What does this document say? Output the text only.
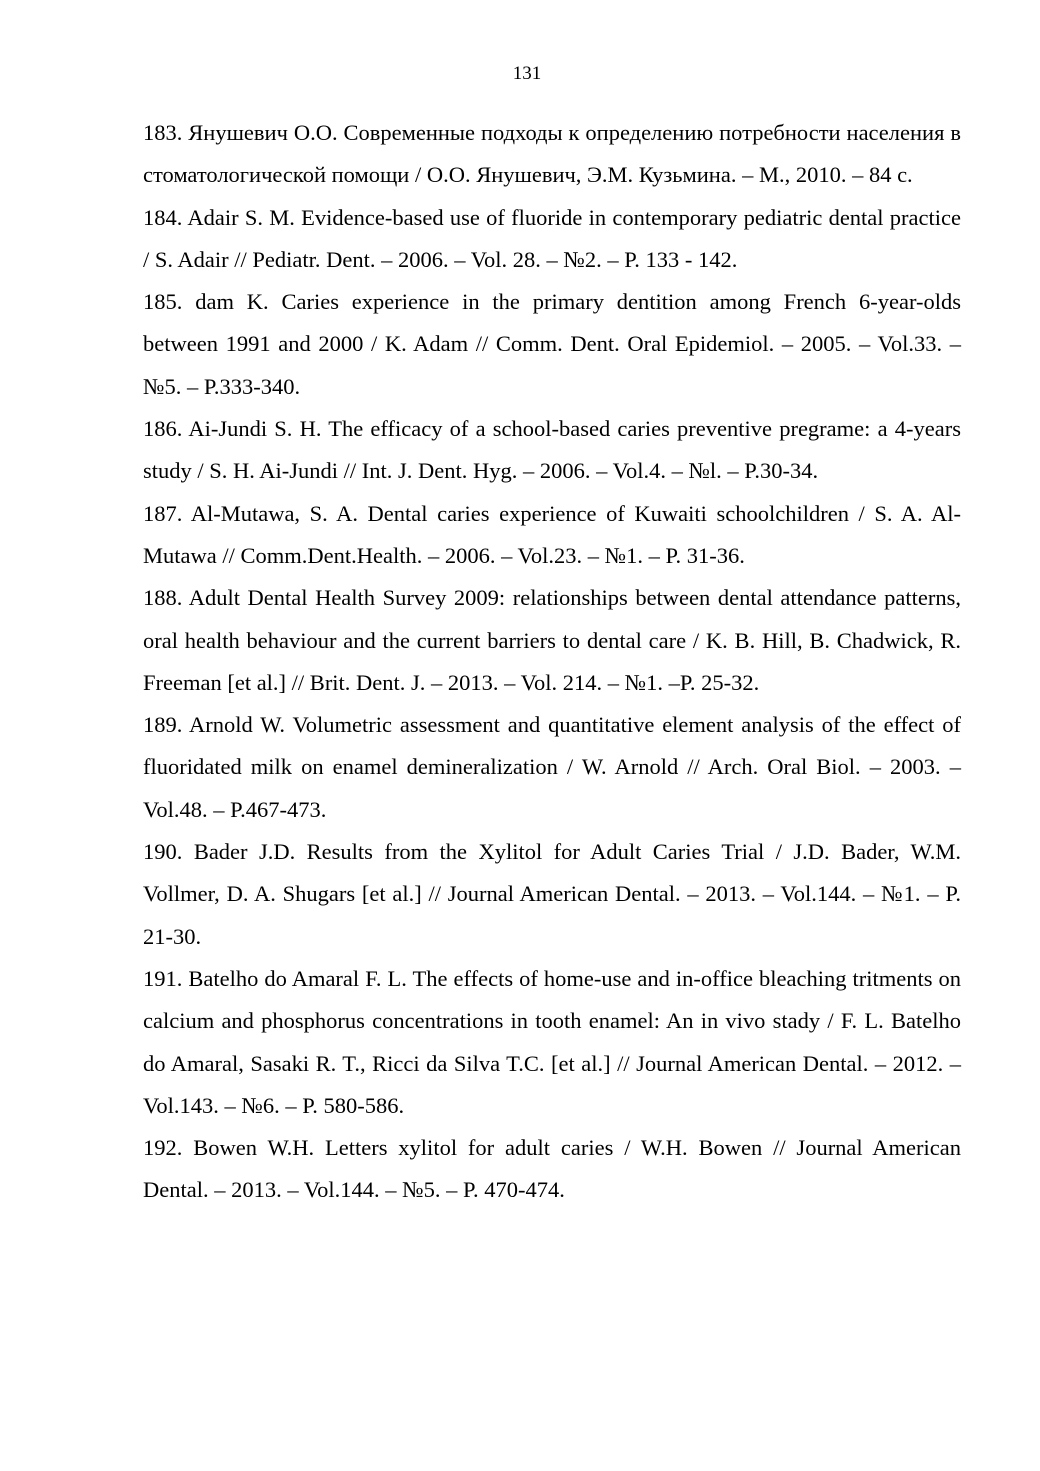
131
183. Янушевич О.О. Современные подходы к определению потребности населения в стоматологической помощи / О.О. Янушевич, Э.М. Кузьмина. – М., 2010. – 84 с.
184. Adair S. M. Evidence-based use of fluoride in contemporary pediatric dental practice / S. Adair // Pediatr. Dent. – 2006. – Vol. 28. – №2. – P. 133 - 142.
185. dam K. Caries experience in the primary dentition among French 6-year-olds between 1991 and 2000 / K. Adam // Comm. Dent. Oral Epidemiol. – 2005. – Vol.33. – №5. – P.333-340.
186. Ai-Jundi S. H. The efficacy of a school-based caries preventive pregrame: a 4-years study / S. H. Ai-Jundi // Int. J. Dent. Hyg. – 2006. – Vol.4. – №l. – P.30-34.
187. Al-Mutawa, S. A. Dental caries experience of Kuwaiti schoolchildren / S. A. Al-Mutawa // Comm.Dent.Health. – 2006. – Vol.23. – №1. – P. 31-36.
188. Adult Dental Health Survey 2009: relationships between dental attendance patterns, oral health behaviour and the current barriers to dental care / K. B. Hill, B. Chadwick, R. Freeman [et al.] // Brit. Dent. J. – 2013. – Vol. 214. – №1. –P. 25-32.
189. Arnold W. Volumetric assessment and quantitative element analysis of the effect of fluoridated milk on enamel demineralization / W. Arnold // Arch. Oral Biol. – 2003. – Vol.48. – P.467-473.
190. Bader J.D. Results from the Xylitol for Adult Caries Trial / J.D. Bader, W.M. Vollmer, D. A. Shugars [et al.] // Journal American Dental. – 2013. – Vol.144. – №1. – P. 21-30.
191. Batelho do Amaral F. L. The effects of home-use and in-office bleaching tritments on calcium and phosphorus concentrations in tooth enamel: An in vivo stady / F. L. Batelho do Amaral, Sasaki R. T., Ricci da Silva T.C. [et al.] // Journal American Dental. – 2012. – Vol.143. – №6. – P. 580-586.
192. Bowen W.H. Letters xylitol for adult caries / W.H. Bowen // Journal American Dental. – 2013. – Vol.144. – №5. – P. 470-474.
